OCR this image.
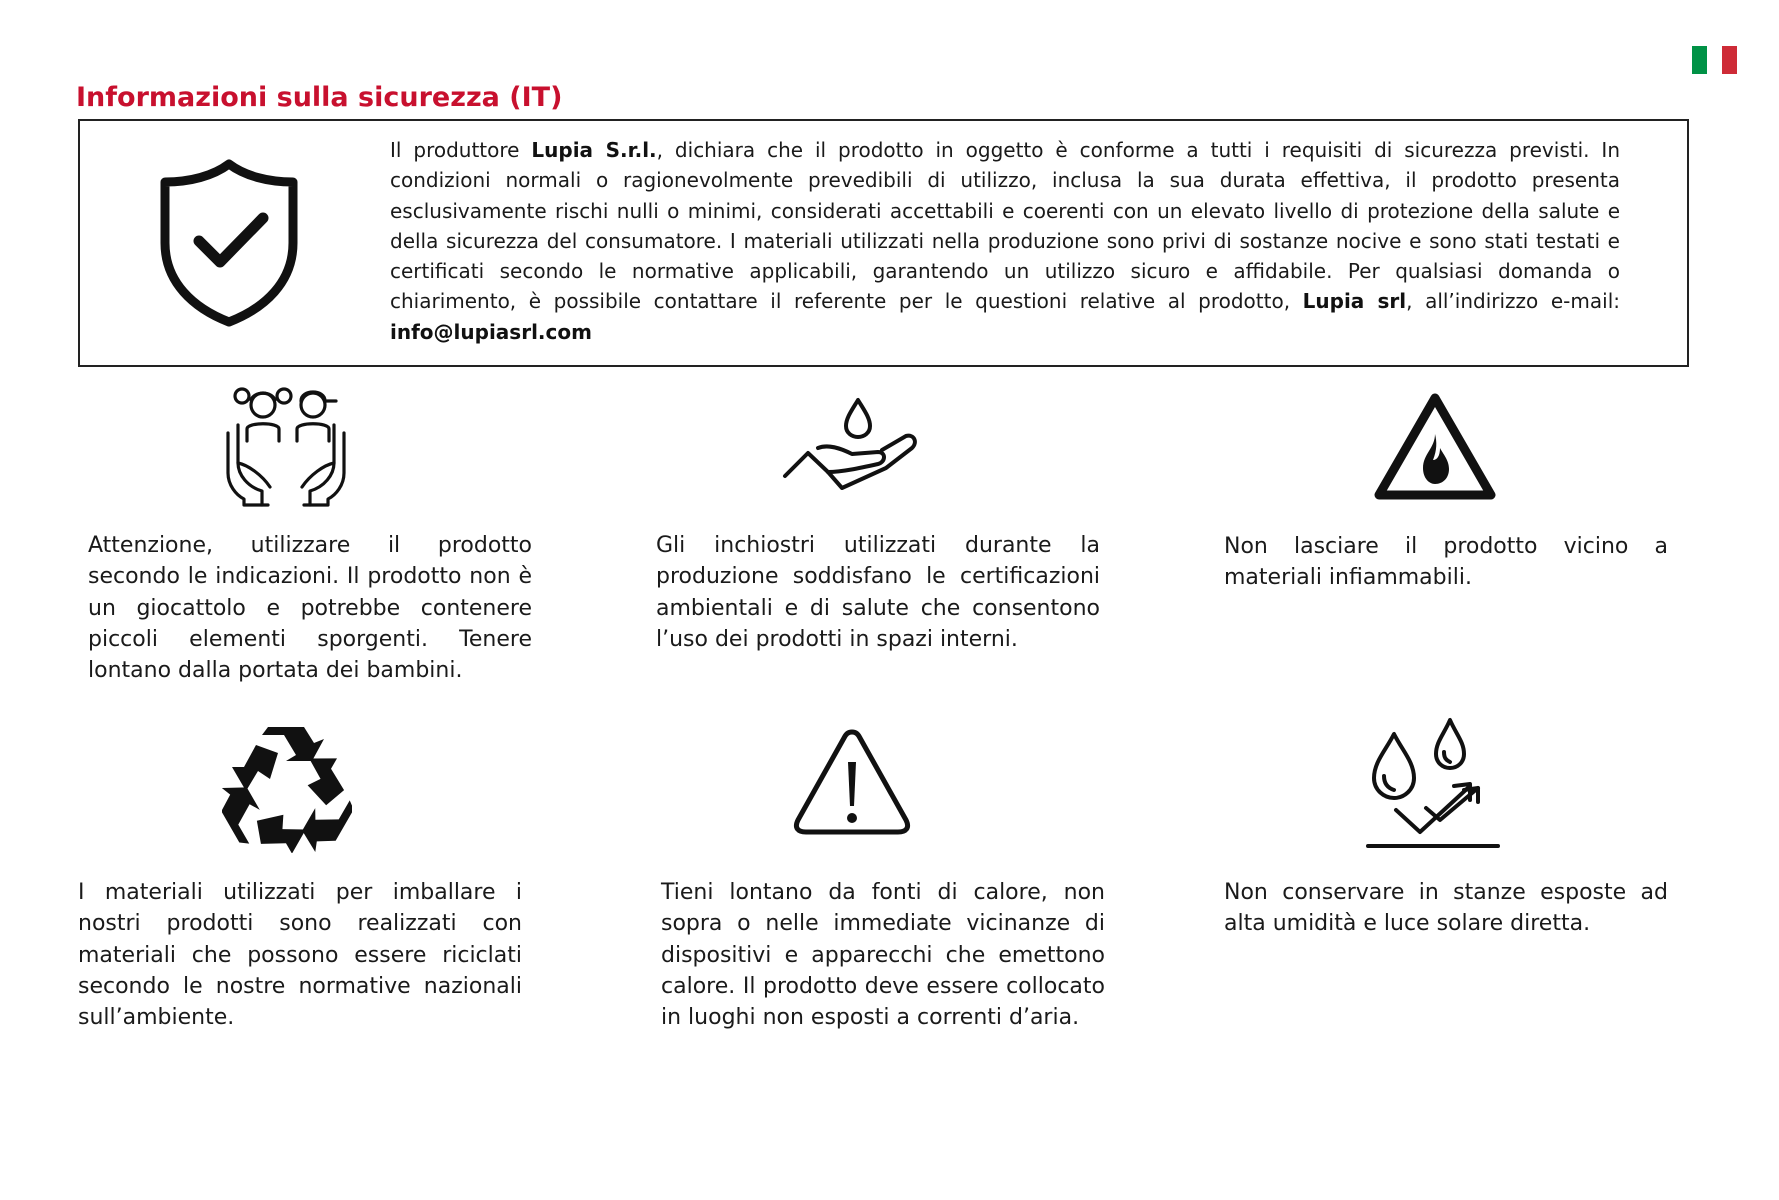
Informazioni sulla sicurezza (IT)

Il produttore Lupia S.r.l., dichiara che il prodotto in oggetto è conforme a tutti i requisiti di sicurezza previsti. In condizioni normali o ragionevolmente prevedibili di utilizzo, inclusa la sua durata effettiva, il prodotto presenta esclusivamente rischi nulli o minimi, considerati accettabili e coerenti con un elevato livello di protezione della salute e della sicurezza del consumatore. I materiali utilizzati nella produzione sono privi di sostanze nocive e sono stati testati e certificati secondo le normative applicabili, garantendo un utilizzo sicuro e affidabile. Per qualsiasi domanda o chiarimento, è possibile contattare il referente per le questioni relative al prodotto, Lupia srl, all’indirizzo e-mail: info@lupiasrl.com

Attenzione, utilizzare il prodotto secondo le indicazioni. Il prodotto non è un giocattolo e potrebbe contenere piccoli elementi sporgenti. Tenere lontano dalla portata dei bambini.

Gli inchiostri utilizzati durante la produzione soddisfano le certificazioni ambientali e di salute che consentono l’uso dei prodotti in spazi interni.

Non lasciare il prodotto vicino a materiali infiammabili.

I materiali utilizzati per imballare i nostri prodotti sono realizzati con materiali che possono essere riciclati secondo le nostre normative nazionali sull’ambiente.

Tieni lontano da fonti di calore, non sopra o nelle immediate vicinanze di dispositivi e apparecchi che emettono calore. Il prodotto deve essere collocato in luoghi non esposti a correnti d’aria.

Non conservare in stanze esposte ad alta umidità e luce solare diretta.
